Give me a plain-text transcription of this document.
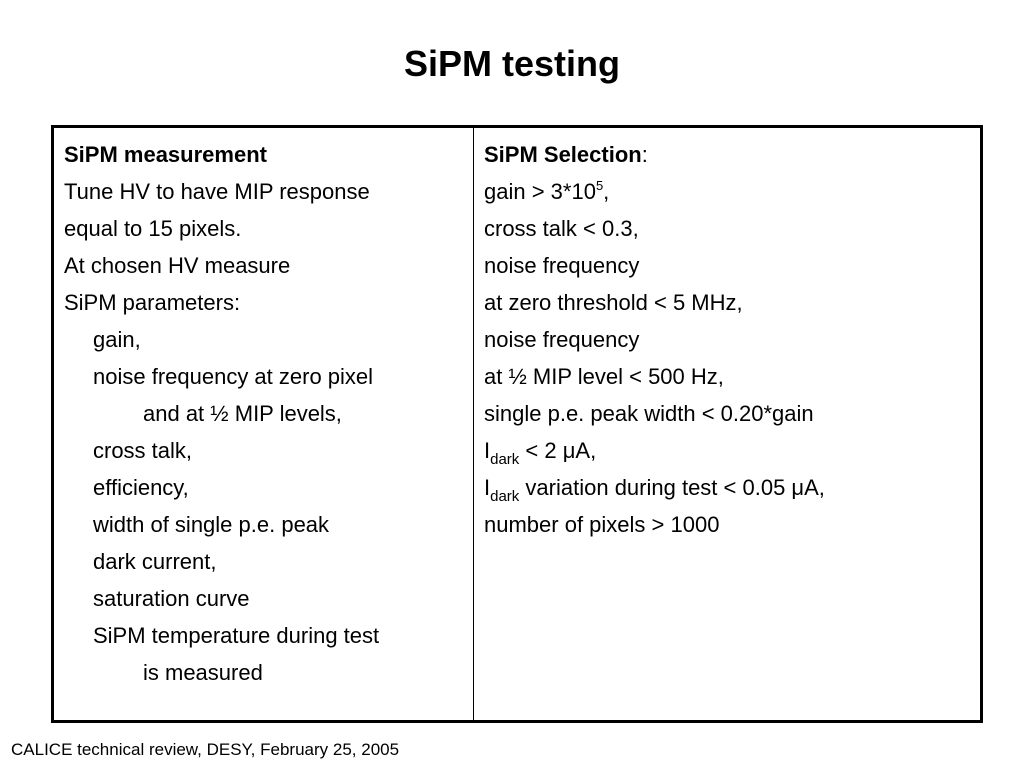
SiPM testing
SiPM measurement
Tune HV to have MIP response
equal to 15 pixels.
At chosen HV measure
SiPM parameters:
gain,
noise frequency at zero pixel
and at ½ MIP levels,
cross talk,
efficiency,
width of single p.e. peak
dark current,
saturation curve
SiPM temperature during test
is measured
SiPM Selection:
gain > $3*10^5$,
cross talk < 0.3,
noise frequency
at zero threshold < 5 MHz,
noise frequency
at ½ MIP level < 500 Hz,
single p.e. peak width < 0.20*gain
$I_{dark} < 2$ μA,
$I_{dark}$ variation during test < 0.05 μA,
number of pixels > 1000
CALICE technical review, DESY, February 25, 2005
